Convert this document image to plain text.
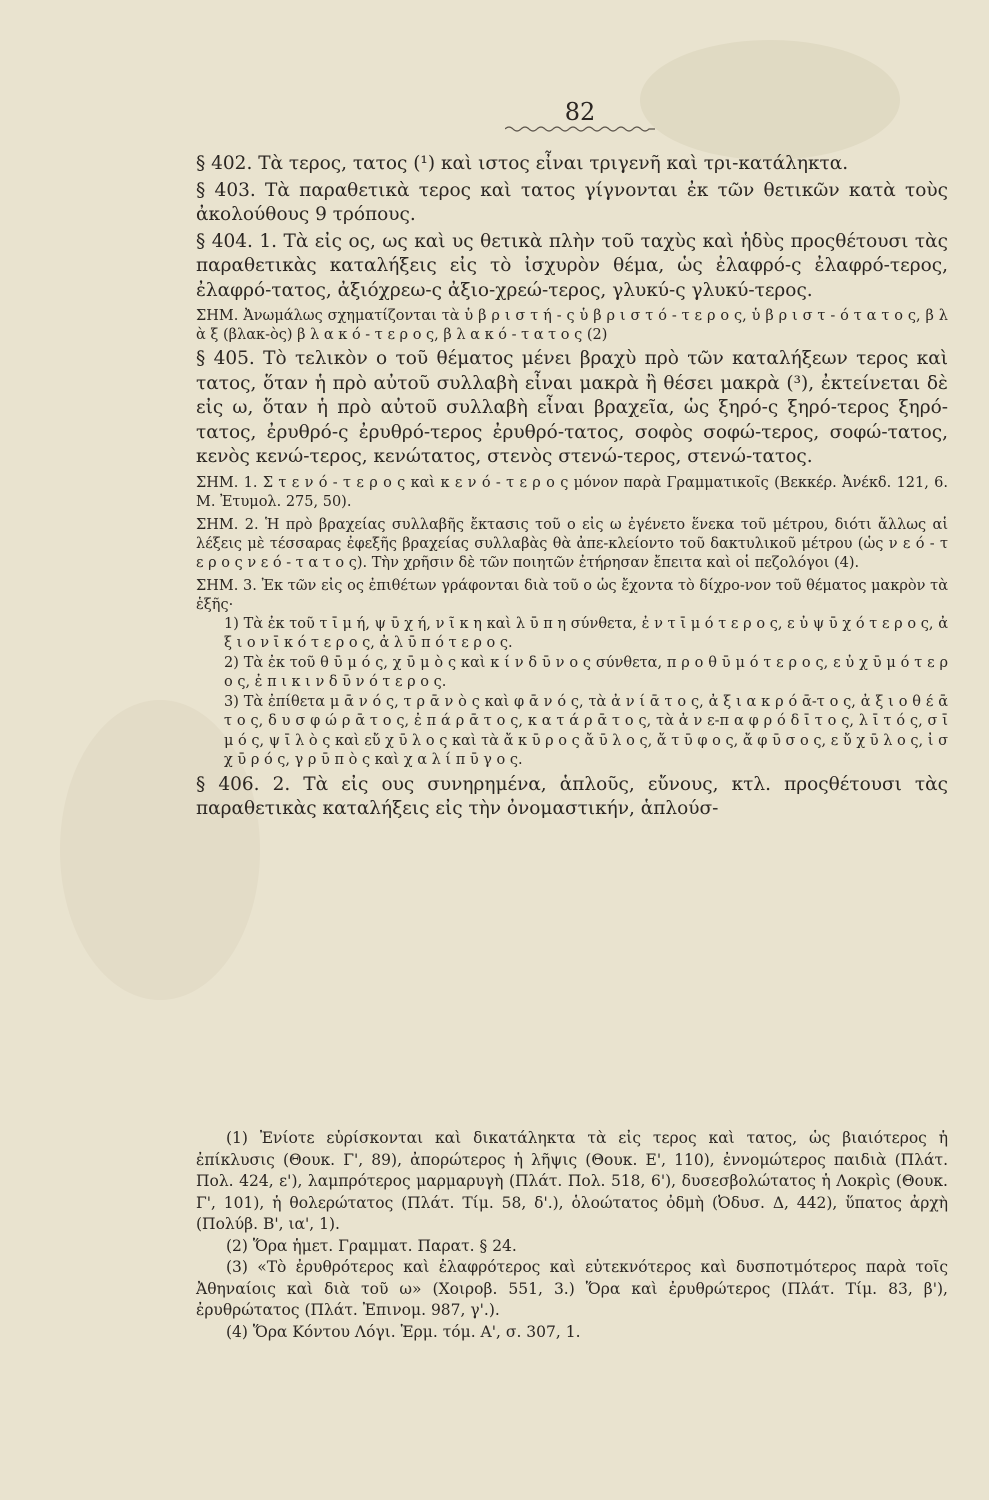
82

§ 402. Τὰ τερος, τατος (¹) καὶ ιστος εἶναι τριγενῆ καὶ τρι-κατάληκτα.

§ 403. Τὰ παραθετικὰ τερος καὶ τατος γίγνονται ἐκ τῶν θετικῶν κατὰ τοὺς ἀκολούθους 9 τρόπους.

§ 404. 1. Τὰ εἰς ος, ως καὶ υς θετικὰ πλὴν τοῦ ταχὺς καὶ ἡδὺς προςθέτουσι τὰς παραθετικὰς καταλήξεις εἰς τὸ ἰσχυρὸν θέμα, ὡς ἐλαφρό-ς ἐλαφρό-τερος, ἐλαφρό-τατος, ἀξιόχρεω-ς ἀξιο-χρεώ-τερος, γλυκύ-ς γλυκύ-τερος.

ΣΗΜ. Ἀνωμάλως σχηματίζονται τὰ ὑ β ρ ι σ τ ή - ς ὑ β ρ ι σ τ ό - τ ε ρ ο ς, ὑ β ρ ι σ τ - ό τ α τ ο ς, β λ ὰ ξ (βλακ-ὸς) β λ α κ ό - τ ε ρ ο ς, β λ α κ ό - τ α τ ο ς (2)

§ 405. Τὸ τελικὸν ο τοῦ θέματος μένει βραχὺ πρὸ τῶν καταλήξεων τερος καὶ τατος, ὅταν ἡ πρὸ αὐτοῦ συλλαβὴ εἶναι μακρὰ ἢ θέσει μακρὰ (³), ἐκτείνεται δὲ εἰς ω, ὅταν ἡ πρὸ αὐτοῦ συλλαβὴ εἶναι βραχεῖα, ὡς ξηρό-ς ξηρό-τερος ξηρό-τατος, ἐρυθρό-ς ἐρυθρό-τερος ἐρυθρό-τατος, σοφὸς σοφώ-τερος, σοφώ-τατος, κενὸς κενώ-τερος, κενώτατος, στενὸς στενώ-τερος, στενώ-τατος.

ΣΗΜ. 1. Σ τ ε ν ό - τ ε ρ ο ς καὶ κ ε ν ό - τ ε ρ ο ς μόνον παρὰ Γραμματικοῖς (Βεκκέρ. Ἀνέκδ. 121, 6. Μ. Ἐτυμολ. 275, 50).

ΣΗΜ. 2. Ἡ πρὸ βραχείας συλλαβῆς ἔκτασις τοῦ ο εἰς ω ἐγένετο ἕνεκα τοῦ μέτρου, διότι ἄλλως αἱ λέξεις μὲ τέσσαρας ἐφεξῆς βραχείας συλλαβὰς θὰ ἀπε-κλείοντο τοῦ δακτυλικοῦ μέτρου (ὡς ν ε ό - τ ε ρ ο ς ν ε ό - τ α τ ο ς). Τὴν χρῆσιν δὲ τῶν ποιητῶν ἐτήρησαν ἔπειτα καὶ οἱ πεζολόγοι (4).

ΣΗΜ. 3. Ἐκ τῶν εἰς ος ἐπιθέτων γράφονται διὰ τοῦ ο ὡς ἔχοντα τὸ δίχρο-νον τοῦ θέματος μακρὸν τὰ ἑξῆς·

1) Τὰ ἐκ τοῦ τ ῑ μ ή, ψ ῡ χ ή, ν ῖ κ η καὶ λ ῡ π η σύνθετα, ἐ ν τ ῑ μ ό τ ε ρ ο ς, ε ὐ ψ ῡ χ ό τ ε ρ ο ς, ἀ ξ ι ο ν ῑ κ ό τ ε ρ ο ς, ἀ λ ῡ π ό τ ε ρ ο ς.

2) Τὰ ἐκ τοῦ θ ῡ μ ό ς, χ ῡ μ ὸ ς καὶ κ ί ν δ ῡ ν ο ς σύνθετα, π ρ ο θ ῡ μ ό τ ε ρ ο ς, ε ὐ χ ῡ μ ό τ ε ρ ο ς, ἐ π ι κ ι ν δ ῡ ν ό τ ε ρ ο ς.

3) Τὰ ἐπίθετα μ ᾱ ν ό ς, τ ρ ᾱ ν ὸ ς καὶ φ ᾱ ν ό ς, τὰ ἀ ν ί ᾱ τ ο ς, ἀ ξ ι α κ ρ ό ᾱ-τ ο ς, ἀ ξ ι ο θ έ ᾱ τ ο ς, δ υ σ φ ώ ρ ᾱ τ ο ς, ἐ π ά ρ ᾱ τ ο ς, κ α τ ά ρ ᾱ τ ο ς, τὰ ἀ ν ε-π α φ ρ ό δ ῑ τ ο ς, λ ῑ τ ό ς, σ ῑ μ ό ς, ψ ῑ λ ὸ ς καὶ εὔ χ ῡ λ ο ς καὶ τὰ ἄ κ ῡ ρ ο ς ἄ ῡ λ ο ς, ἄ τ ῡ φ ο ς, ἄ φ ῡ σ ο ς, ε ὔ χ ῡ λ ο ς, ἰ σ χ ῡ ρ ό ς, γ ρ ῡ π ὸ ς καὶ χ α λ ί π ῡ γ ο ς.

§ 406. 2. Τὰ εἰς ους συνηρημένα, ἁπλοῦς, εὔνους, κτλ. προςθέτουσι τὰς παραθετικὰς καταλήξεις εἰς τὴν ὀνομαστικήν, ἁπλούσ-

(1) Ἐνίοτε εὑρίσκονται καὶ δικατάληκτα τὰ εἰς τερος καὶ τατος, ὡς βιαιότερος ἡ ἐπίκλυσις (Θουκ. Γ', 89), ἀπορώτερος ἡ λῆψις (Θουκ. Ε', 110), ἐννομώτερος παιδιὰ (Πλάτ. Πολ. 424, ε'), λαμπρότερος μαρμαρυγὴ (Πλάτ. Πολ. 518, 6'), δυσεσβολώτατος ἡ Λοκρὶς (Θουκ. Γ', 101), ἡ θολερώτατος (Πλάτ. Τίμ. 58, δ'.), ὁλοώτατος ὀδμὴ (Ὀδυσ. Δ, 442), ὕπατος ἀρχὴ (Πολύβ. Β', ια', 1).

(2) Ὅρα ἡμετ. Γραμματ. Παρατ. § 24.

(3) «Τὸ ἐρυθρότερος καὶ ἐλαφρότερος καὶ εὐτεκνότερος καὶ δυσποτμότερος παρὰ τοῖς Ἀθηναίοις καὶ διὰ τοῦ ω» (Χοιροβ. 551, 3.) Ὅρα καὶ ἐρυθρώτερος (Πλάτ. Τίμ. 83, β'), ἐρυθρώτατος (Πλάτ. Ἐπινομ. 987, γ'.).

(4) Ὅρα Κόντου Λόγι. Ἑρμ. τόμ. Α', σ. 307, 1.
